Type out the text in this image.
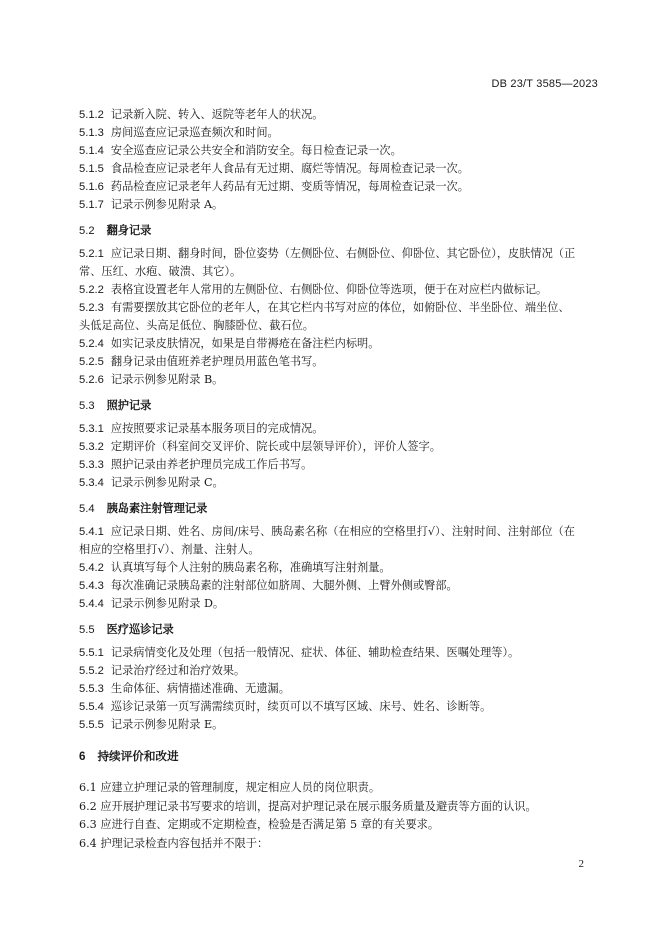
DB 23/T 3585—2023
5.1.2 记录新入院、转入、返院等老年人的状况。
5.1.3 房间巡查应记录巡查频次和时间。
5.1.4 安全巡查应记录公共安全和消防安全。每日检查记录一次。
5.1.5 食品检查应记录老年人食品有无过期、腐烂等情况。每周检查记录一次。
5.1.6 药品检查应记录老年人药品有无过期、变质等情况，每周检查记录一次。
5.1.7 记录示例参见附录 A。
5.2 翻身记录
5.2.1 应记录日期、翻身时间，卧位姿势（左侧卧位、右侧卧位、仰卧位、其它卧位），皮肤情况（正
常、压红、水疱、破溃、其它）。
5.2.2 表格宜设置老年人常用的左侧卧位、右侧卧位、仰卧位等选项，便于在对应栏内做标记。
5.2.3 有需要摆放其它卧位的老年人，在其它栏内书写对应的体位，如俯卧位、半坐卧位、端坐位、
头低足高位、头高足低位、胸膝卧位、截石位。
5.2.4 如实记录皮肤情况，如果是自带褥疮在备注栏内标明。
5.2.5 翻身记录由值班养老护理员用蓝色笔书写。
5.2.6 记录示例参见附录 B。
5.3 照护记录
5.3.1 应按照要求记录基本服务项目的完成情况。
5.3.2 定期评价（科室间交叉评价、院长或中层领导评价），评价人签字。
5.3.3 照护记录由养老护理员完成工作后书写。
5.3.4 记录示例参见附录 C。
5.4 胰岛素注射管理记录
5.4.1 应记录日期、姓名、房间/床号、胰岛素名称（在相应的空格里打√）、注射时间、注射部位（在
相应的空格里打√）、剂量、注射人。
5.4.2 认真填写每个人注射的胰岛素名称，准确填写注射剂量。
5.4.3 每次准确记录胰岛素的注射部位如脐周、大腿外侧、上臂外侧或臀部。
5.4.4 记录示例参见附录 D。
5.5 医疗巡诊记录
5.5.1 记录病情变化及处理（包括一般情况、症状、体征、辅助检查结果、医嘱处理等）。
5.5.2 记录治疗经过和治疗效果。
5.5.3 生命体征、病情描述准确、无遗漏。
5.5.4 巡诊记录第一页写满需续页时，续页可以不填写区域、床号、姓名、诊断等。
5.5.5 记录示例参见附录 E。
6 持续评价和改进
6.1 应建立护理记录的管理制度，规定相应人员的岗位职责。
6.2 应开展护理记录书写要求的培训，提高对护理记录在展示服务质量及避责等方面的认识。
6.3 应进行自查、定期或不定期检查，检验是否满足第 5 章的有关要求。
6.4 护理记录检查内容包括并不限于：
2
